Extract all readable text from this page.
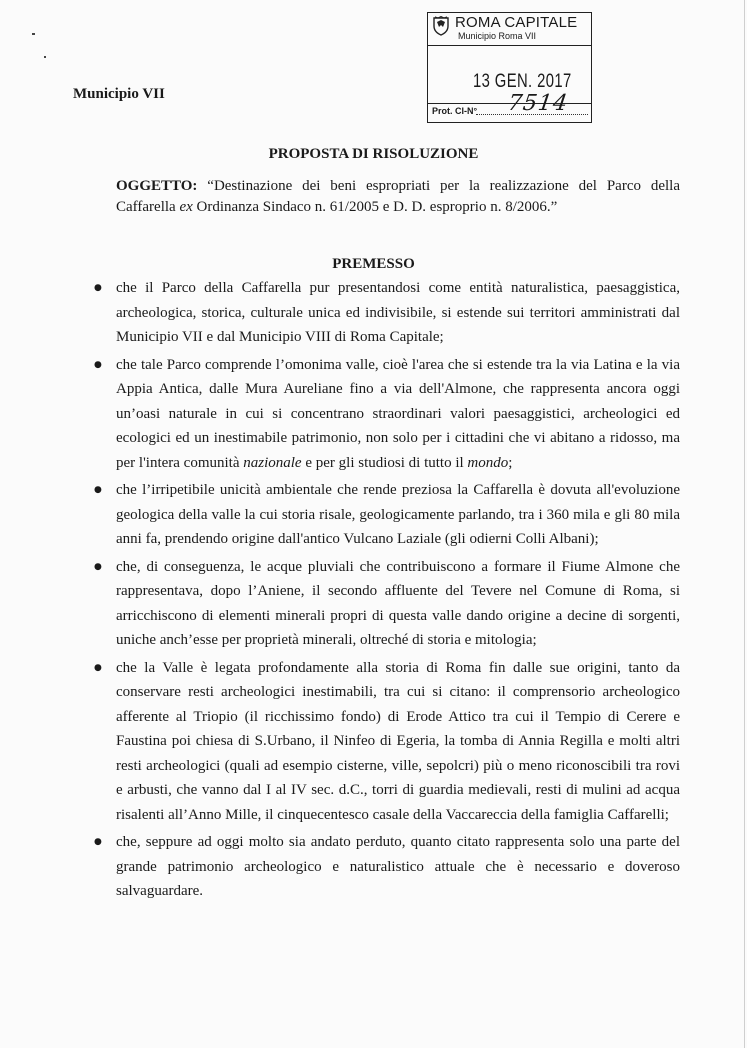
ROMA CAPITALE
Municipio Roma VII
13 GEN. 2017
Prot. CI-N° 7514
Municipio VII
PROPOSTA DI RISOLUZIONE
OGGETTO: “Destinazione dei beni espropriati per la realizzazione del Parco della Caffarella ex Ordinanza Sindaco n. 61/2005 e D. D. esproprio n. 8/2006.”
PREMESSO
● che il Parco della Caffarella pur presentandosi come entità naturalistica, paesaggistica, archeologica, storica, culturale unica ed indivisibile, si estende sui territori amministrati dal Municipio VII e dal Municipio VIII di Roma Capitale;
● che tale Parco comprende l’omonima valle, cioè l'area che si estende tra la via Latina e la via Appia Antica, dalle Mura Aureliane fino a via dell'Almone, che rappresenta ancora oggi un’oasi naturale in cui si concentrano straordinari valori paesaggistici, archeologici ed ecologici ed un inestimabile patrimonio, non solo per i cittadini che vi abitano a ridosso, ma per l'intera comunità nazionale e per gli studiosi di tutto il mondo;
● che l’irripetibile unicità ambientale che rende preziosa la Caffarella è dovuta all'evoluzione geologica della valle la cui storia risale, geologicamente parlando, tra i 360 mila e gli 80 mila anni fa, prendendo origine dall'antico Vulcano Laziale (gli odierni Colli Albani);
● che, di conseguenza, le acque pluviali che contribuiscono a formare il Fiume Almone che rappresentava, dopo l’Aniene, il secondo affluente del Tevere nel Comune di Roma, si arricchiscono di elementi minerali propri di questa valle dando origine a decine di sorgenti, uniche anch’esse per proprietà minerali, oltreché di storia e mitologia;
● che la Valle è legata profondamente alla storia di Roma fin dalle sue origini, tanto da conservare resti archeologici inestimabili, tra cui si citano: il comprensorio archeologico afferente al Triopio (il ricchissimo fondo) di Erode Attico tra cui il Tempio di Cerere e Faustina poi chiesa di S.Urbano, il Ninfeo di Egeria, la tomba di Annia Regilla e molti altri resti archeologici (quali ad esempio cisterne, ville, sepolcri) più o meno riconoscibili tra rovi e arbusti, che vanno dal I al IV sec. d.C., torri di guardia medievali, resti di mulini ad acqua risalenti all’Anno Mille, il cinquecentesco casale della Vaccareccia della famiglia Caffarelli;
● che, seppure ad oggi molto sia andato perduto, quanto citato rappresenta solo una parte del grande patrimonio archeologico e naturalistico attuale che è necessario e doveroso salvaguardare.
